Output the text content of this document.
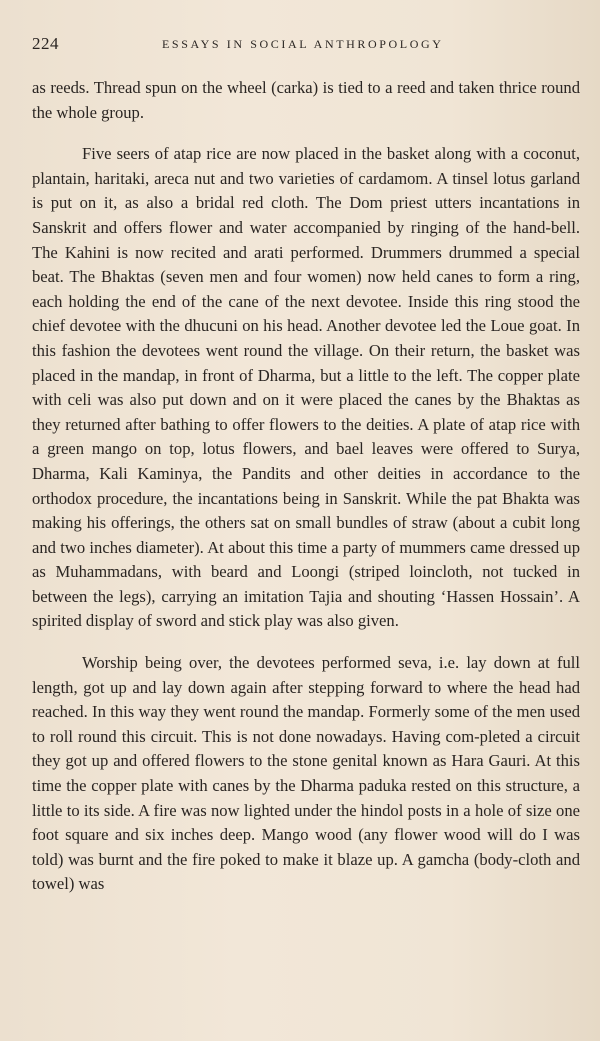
224	ESSAYS IN SOCIAL ANTHROPOLOGY

as reeds. Thread spun on the wheel (carka) is tied to a reed and taken thrice round the whole group.

Five seers of atap rice are now placed in the basket along with a coconut, plantain, haritaki, areca nut and two varieties of cardamom. A tinsel lotus garland is put on it, as also a bridal red cloth. The Dom priest utters incantations in Sanskrit and offers flower and water accompanied by ringing of the hand-bell. The Kahini is now recited and arati performed. Drummers drummed a special beat. The Bhaktas (seven men and four women) now held canes to form a ring, each holding the end of the cane of the next devotee. Inside this ring stood the chief devotee with the dhucuni on his head. Another devotee led the Loue goat. In this fashion the devotees went round the village. On their return, the basket was placed in the mandap, in front of Dharma, but a little to the left. The copper plate with celi was also put down and on it were placed the canes by the Bhaktas as they returned after bathing to offer flowers to the deities. A plate of atap rice with a green mango on top, lotus flowers, and bael leaves were offered to Surya, Dharma, Kali Kaminya, the Pandits and other deities in accordance to the orthodox procedure, the incantations being in Sanskrit. While the pat Bhakta was making his offerings, the others sat on small bundles of straw (about a cubit long and two inches diameter). At about this time a party of mummers came dressed up as Muhammadans, with beard and Loongi (striped loincloth, not tucked in between the legs), carrying an imitation Tajia and shouting ‘Hassen Hossain’. A spirited display of sword and stick play was also given.

Worship being over, the devotees performed seva, i.e. lay down at full length, got up and lay down again after stepping forward to where the head had reached. In this way they went round the mandap. Formerly some of the men used to roll round this circuit. This is not done nowadays. Having com-pleted a circuit they got up and offered flowers to the stone genital known as Hara Gauri. At this time the copper plate with canes by the Dharma paduka rested on this structure, a little to its side. A fire was now lighted under the hindol posts in a hole of size one foot square and six inches deep. Mango wood (any flower wood will do I was told) was burnt and the fire poked to make it blaze up. A gamcha (body-cloth and towel) was
